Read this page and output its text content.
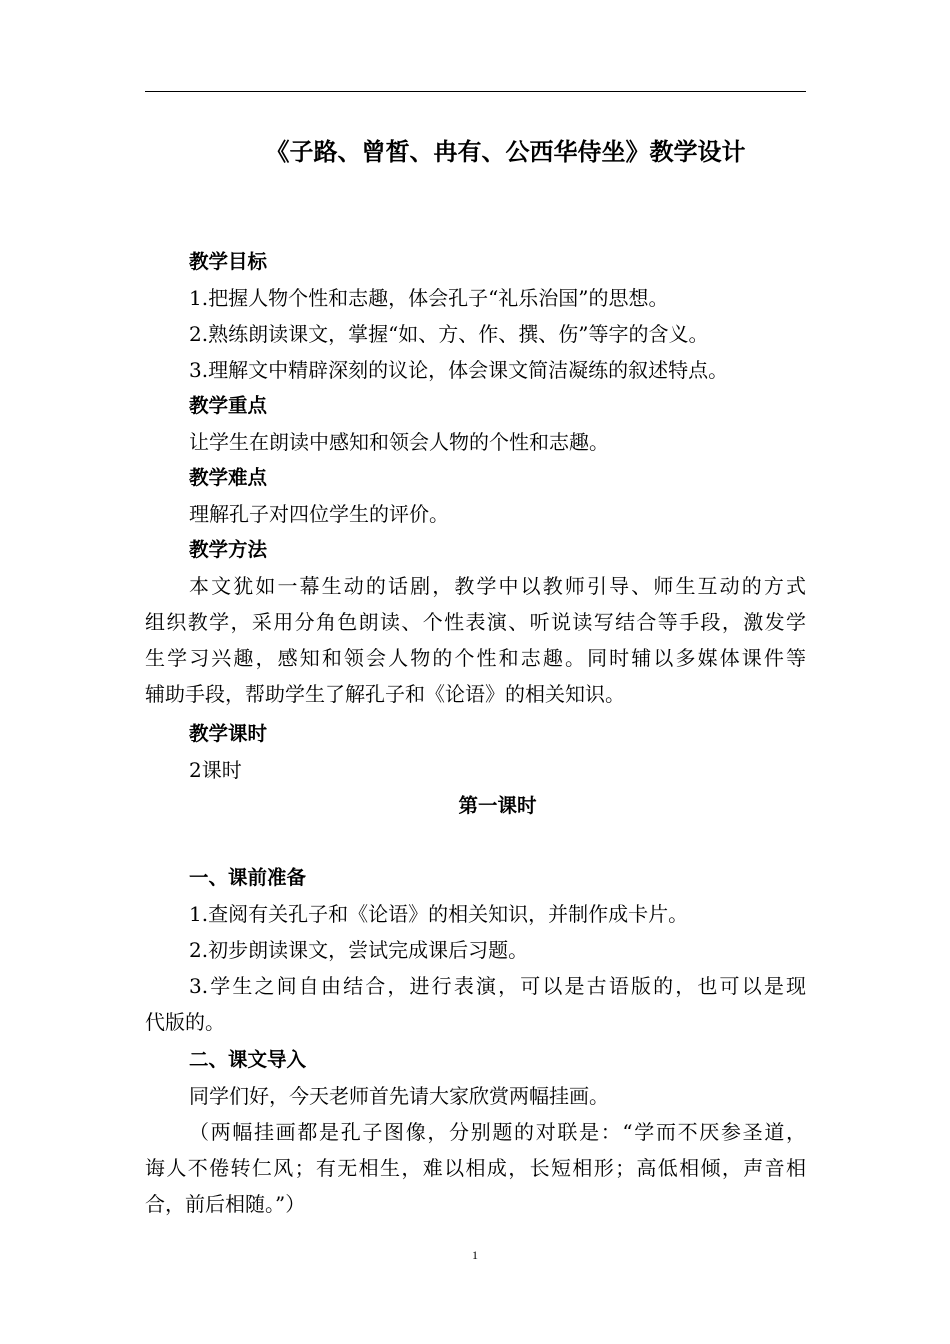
《子路、曾皙、冉有、公西华侍坐》教学设计
教学目标
1.把握人物个性和志趣，体会孔子“礼乐治国”的思想。
2.熟练朗读课文，掌握“如、方、作、撰、伤”等字的含义。
3.理解文中精辟深刻的议论，体会课文简洁凝练的叙述特点。
教学重点
让学生在朗读中感知和领会人物的个性和志趣。
教学难点
理解孔子对四位学生的评价。
教学方法
本文犹如一幕生动的话剧，教学中以教师引导、师生互动的方式
组织教学，采用分角色朗读、个性表演、听说读写结合等手段，激发学
生学习兴趣，感知和领会人物的个性和志趣。同时辅以多媒体课件等
辅助手段，帮助学生了解孔子和《论语》的相关知识。
教学课时
2课时
第一课时
一、课前准备
1.查阅有关孔子和《论语》的相关知识，并制作成卡片。
2.初步朗读课文，尝试完成课后习题。
3.学生之间自由结合，进行表演，可以是古语版的，也可以是现
代版的。
二、课文导入
同学们好，今天老师首先请大家欣赏两幅挂画。
（两幅挂画都是孔子图像，分别题的对联是：“学而不厌参圣道，
诲人不倦转仁风；有无相生，难以相成，长短相形；高低相倾，声音相
合，前后相随。”）
1
